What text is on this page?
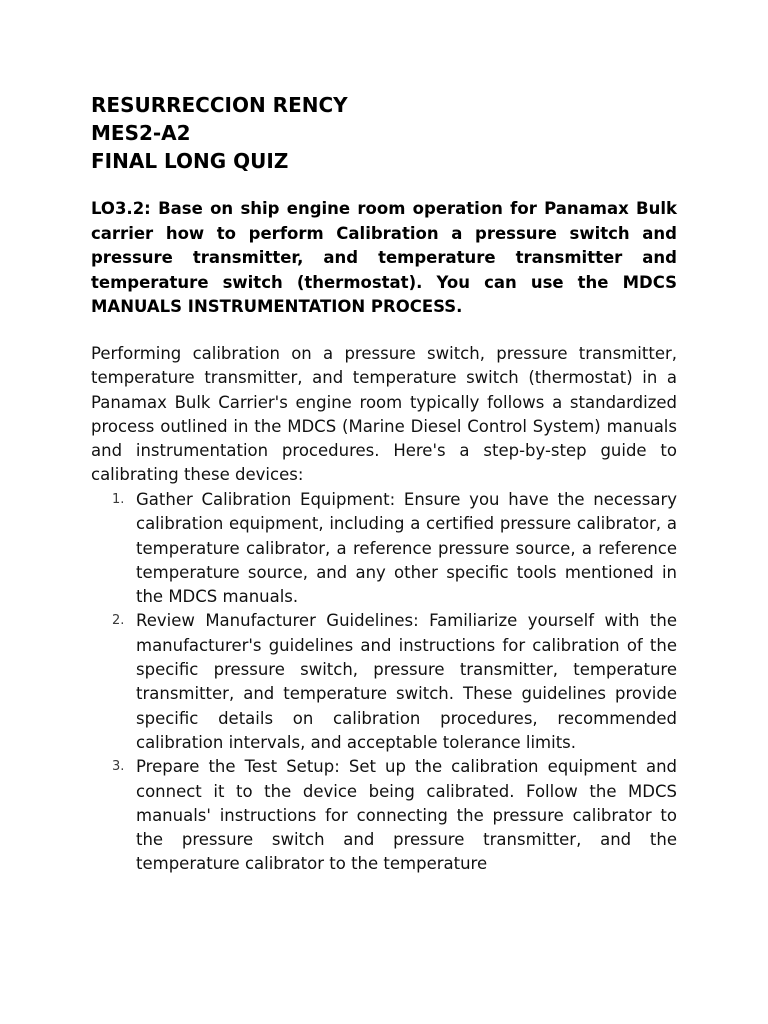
RESURRECCION RENCY
MES2-A2
FINAL LONG QUIZ

LO3.2: Base on ship engine room operation for Panamax Bulk carrier how to perform Calibration a pressure switch and pressure transmitter, and temperature transmitter and temperature switch (thermostat). You can use the MDCS MANUALS INSTRUMENTATION PROCESS.

Performing calibration on a pressure switch, pressure transmitter, temperature transmitter, and temperature switch (thermostat) in a Panamax Bulk Carrier's engine room typically follows a standardized process outlined in the MDCS (Marine Diesel Control System) manuals and instrumentation procedures. Here's a step-by-step guide to calibrating these devices:

1. Gather Calibration Equipment: Ensure you have the necessary calibration equipment, including a certified pressure calibrator, a temperature calibrator, a reference pressure source, a reference temperature source, and any other specific tools mentioned in the MDCS manuals.
2. Review Manufacturer Guidelines: Familiarize yourself with the manufacturer's guidelines and instructions for calibration of the specific pressure switch, pressure transmitter, temperature transmitter, and temperature switch. These guidelines provide specific details on calibration procedures, recommended calibration intervals, and acceptable tolerance limits.
3. Prepare the Test Setup: Set up the calibration equipment and connect it to the device being calibrated. Follow the MDCS manuals' instructions for connecting the pressure calibrator to the pressure switch and pressure transmitter, and the temperature calibrator to the temperature
